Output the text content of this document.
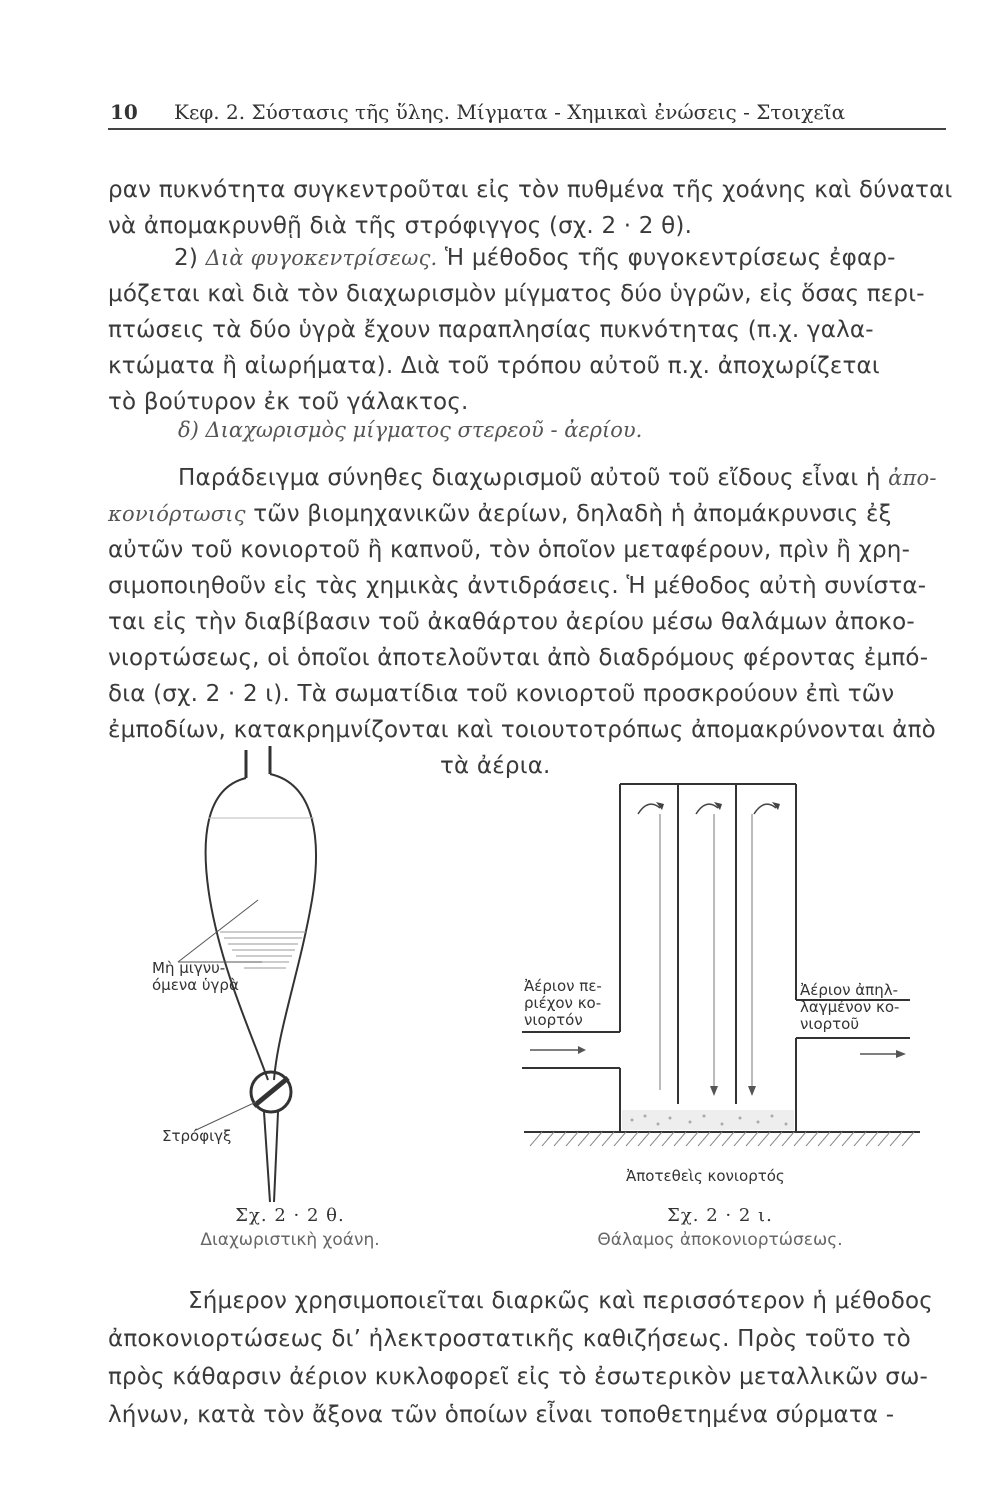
10 Κεφ. 2. Σύστασις τῆς ὕλης. Μίγματα - Χημικαὶ ἐνώσεις - Στοιχεῖα
ραν πυκνότητα συγκεντροῦται εἰς τὸν πυθμένα τῆς χοάνης καὶ δύναται
νὰ ἀπομακρυνθῇ διὰ τῆς στρόφιγγος (σχ. 2 · 2 θ).
2) Διὰ φυγοκεντρίσεως. Ἡ μέθοδος τῆς φυγοκεντρίσεως ἐφαρ-
μόζεται καὶ διὰ τὸν διαχωρισμὸν μίγματος δύο ὑγρῶν, εἰς ὅσας περι-
πτώσεις τὰ δύο ὑγρὰ ἔχουν παραπλησίας πυκνότητας (π.χ. γαλα-
κτώματα ἢ αἰωρήματα). Διὰ τοῦ τρόπου αὐτοῦ π.χ. ἀποχωρίζεται
τὸ βούτυρον ἐκ τοῦ γάλακτος.
δ) Διαχωρισμὸς μίγματος στερεοῦ - ἀερίου.
Παράδειγμα σύνηθες διαχωρισμοῦ αὐτοῦ τοῦ εἴδους εἶναι ἡ ἀπο-
κονιόρτωσις τῶν βιομηχανικῶν ἀερίων, δηλαδὴ ἡ ἀπομάκρυνσις ἐξ
αὐτῶν τοῦ κονιορτοῦ ἢ καπνοῦ, τὸν ὁποῖον μεταφέρουν, πρὶν ἢ χρη-
σιμοποιηθοῦν εἰς τὰς χημικὰς ἀντιδράσεις. Ἡ μέθοδος αὐτὴ συνίστα-
ται εἰς τὴν διαβίβασιν τοῦ ἀκαθάρτου ἀερίου μέσω θαλάμων ἀποκο-
νιορτώσεως, οἱ ὁποῖοι ἀποτελοῦνται ἀπὸ διαδρόμους φέροντας ἐμπό-
δια (σχ. 2 · 2 ι). Τὰ σωματίδια τοῦ κονιορτοῦ προσκρούουν ἐπὶ τῶν
ἐμποδίων, κατακρημνίζονται καὶ τοιουτοτρόπως ἀπομακρύνονται ἀπὸ
τὰ ἀέρια.
Μὴ μιγνυ-
όμενα ὑγρὰ
Στρόφιγξ
Σχ. 2 · 2 θ.
Διαχωριστικὴ χοάνη.
Ἀέριον πε-
ριέχον κο-
νιορτόν
Ἀέριον ἀπηλ-
λαγμένον κο-
νιορτοῦ
Ἀποτεθεὶς κονιορτός
Σχ. 2 · 2 ι.
Θάλαμος ἀποκονιορτώσεως.
Σήμερον χρησιμοποιεῖται διαρκῶς καὶ περισσότερον ἡ μέθοδος
ἀποκονιορτώσεως δι’ ἠλεκτροστατικῆς καθιζήσεως. Πρὸς τοῦτο τὸ
πρὸς κάθαρσιν ἀέριον κυκλοφορεῖ εἰς τὸ ἐσωτερικὸν μεταλλικῶν σω-
λήνων, κατὰ τὸν ἄξονα τῶν ὁποίων εἶναι τοποθετημένα σύρματα -
